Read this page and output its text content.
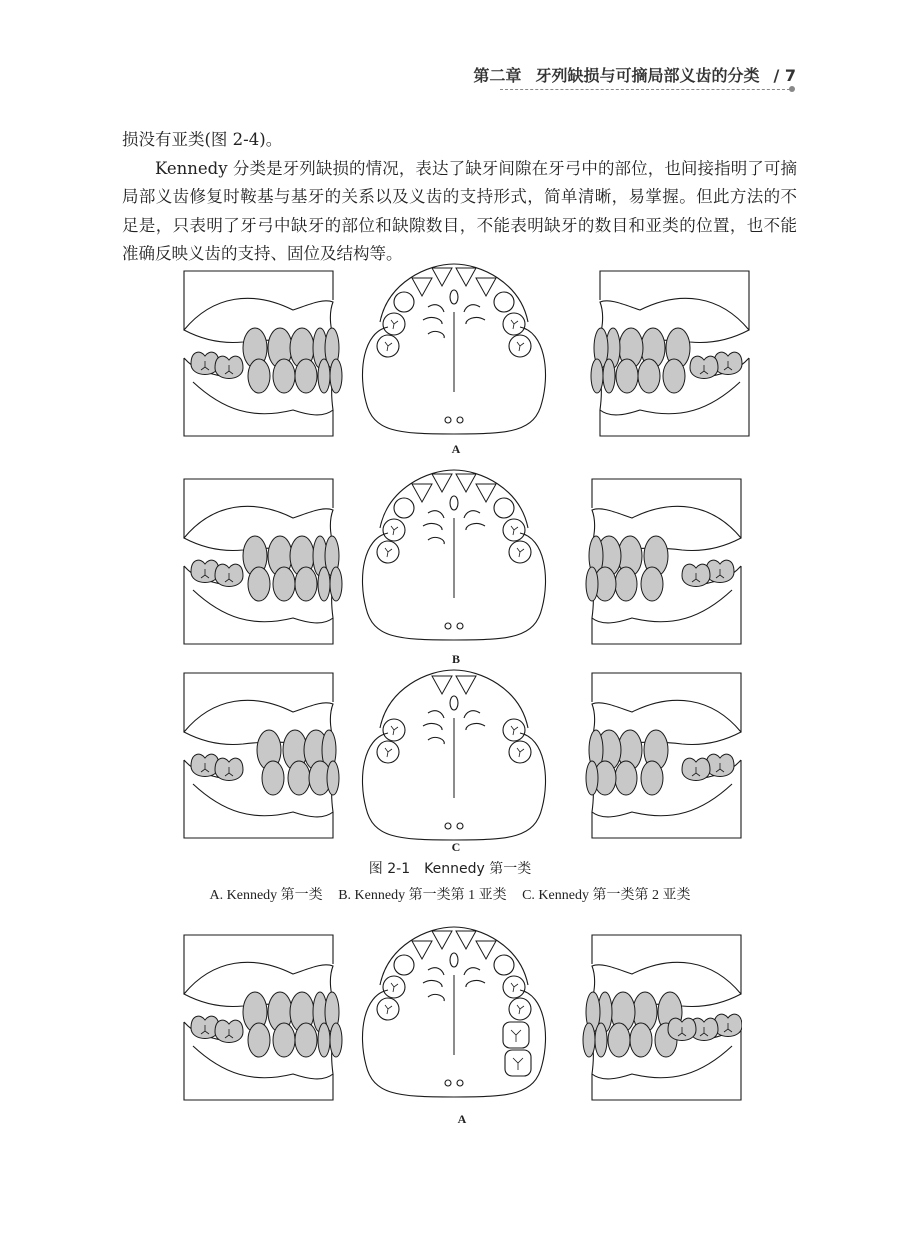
第二章 牙列缺损与可摘局部义齿的分类 / 7

损没有亚类(图 2-4)。

Kennedy 分类是牙列缺损的情况，表达了缺牙间隙在牙弓中的部位，也间接指明了可摘局部义齿修复时鞍基与基牙的关系以及义齿的支持形式，简单清晰，易掌握。但此方法的不足是，只表明了牙弓中缺牙的部位和缺隙数目，不能表明缺牙的数目和亚类的位置，也不能准确反映义齿的支持、固位及结构等。

A
B
C
图 2-1　Kennedy 第一类
A. Kennedy 第一类 B. Kennedy 第一类第 1 亚类 C. Kennedy 第一类第 2 亚类
A
